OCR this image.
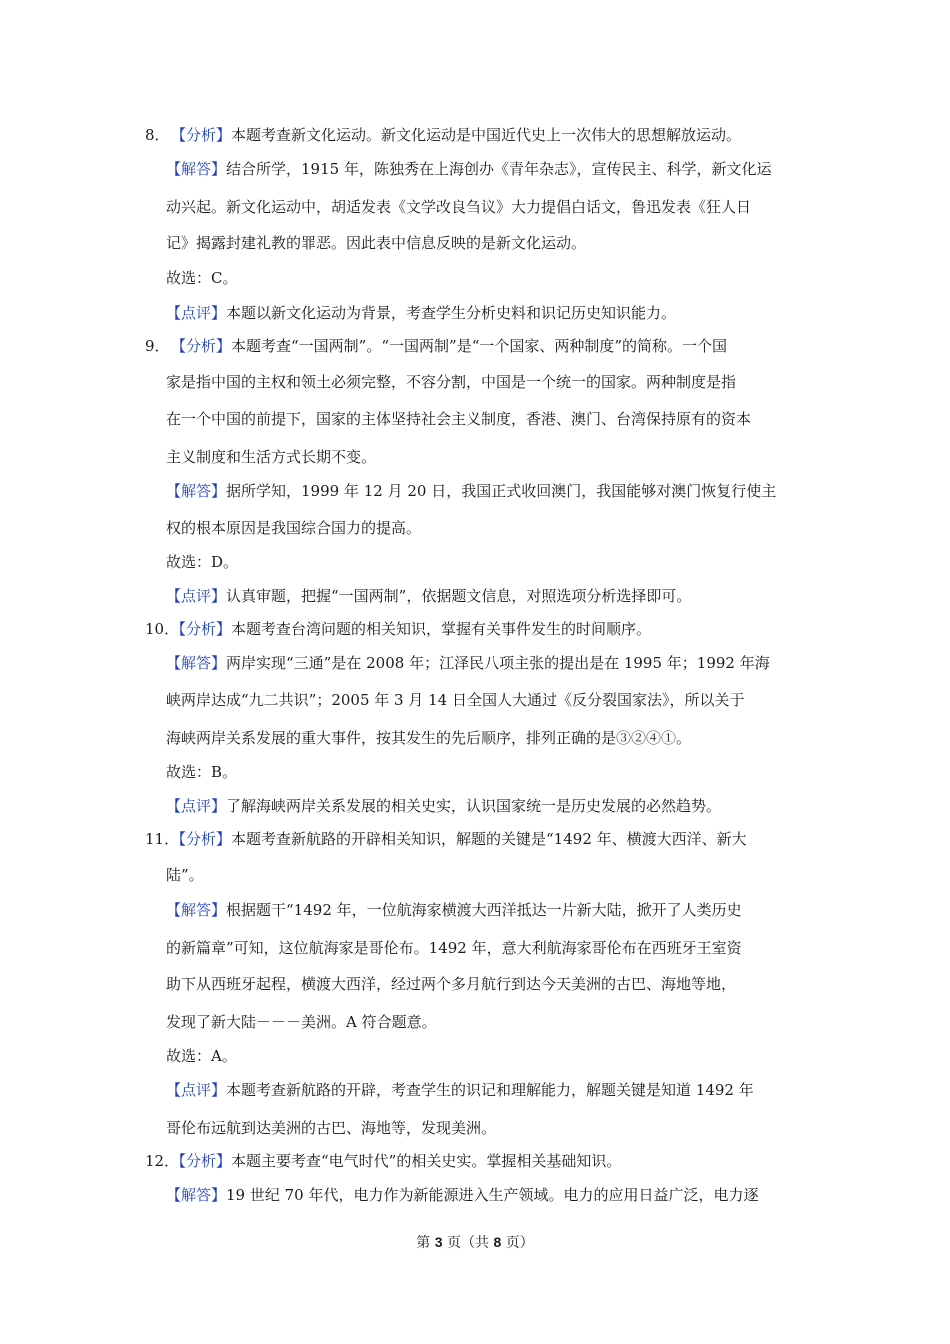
8．【分析】本题考查新文化运动。新文化运动是中国近代史上一次伟大的思想解放运动。
【解答】结合所学，1915 年，陈独秀在上海创办《青年杂志》，宣传民主、科学，新文化运
动兴起。新文化运动中，胡适发表《文学改良刍议》大力提倡白话文，鲁迅发表《狂人日
记》揭露封建礼教的罪恶。因此表中信息反映的是新文化运动。
故选：C。
【点评】本题以新文化运动为背景，考查学生分析史料和识记历史知识能力。
9．【分析】本题考查“一国两制”。“一国两制”是“一个国家、两种制度”的简称。一个国
家是指中国的主权和领土必须完整，不容分割，中国是一个统一的国家。两种制度是指
在一个中国的前提下，国家的主体坚持社会主义制度，香港、澳门、台湾保持原有的资本
主义制度和生活方式长期不变。
【解答】据所学知，1999 年 12 月 20 日，我国正式收回澳门，我国能够对澳门恢复行使主
权的根本原因是我国综合国力的提高。
故选：D。
【点评】认真审题，把握“一国两制”，依据题文信息，对照选项分析选择即可。
10．【分析】本题考查台湾问题的相关知识，掌握有关事件发生的时间顺序。
【解答】两岸实现“三通”是在 2008 年；江泽民八项主张的提出是在 1995 年；1992 年海
峡两岸达成“九二共识”；2005 年 3 月 14 日全国人大通过《反分裂国家法》，所以关于
海峡两岸关系发展的重大事件，按其发生的先后顺序，排列正确的是③②④①。
故选：B。
【点评】了解海峡两岸关系发展的相关史实，认识国家统一是历史发展的必然趋势。
11．【分析】本题考查新航路的开辟相关知识，解题的关键是“1492 年、横渡大西洋、新大
陆”。
【解答】根据题干“1492 年，一位航海家横渡大西洋抵达一片新大陆，掀开了人类历史
的新篇章”可知，这位航海家是哥伦布。1492 年，意大利航海家哥伦布在西班牙王室资
助下从西班牙起程，横渡大西洋，经过两个多月航行到达今天美洲的古巴、海地等地，
发现了新大陆－－－美洲。A 符合题意。
故选：A。
【点评】本题考查新航路的开辟，考查学生的识记和理解能力，解题关键是知道 1492 年
哥伦布远航到达美洲的古巴、海地等，发现美洲。
12．【分析】本题主要考查“电气时代”的相关史实。掌握相关基础知识。
【解答】19 世纪 70 年代，电力作为新能源进入生产领域。电力的应用日益广泛，电力逐
第 3 页（共 8 页）
